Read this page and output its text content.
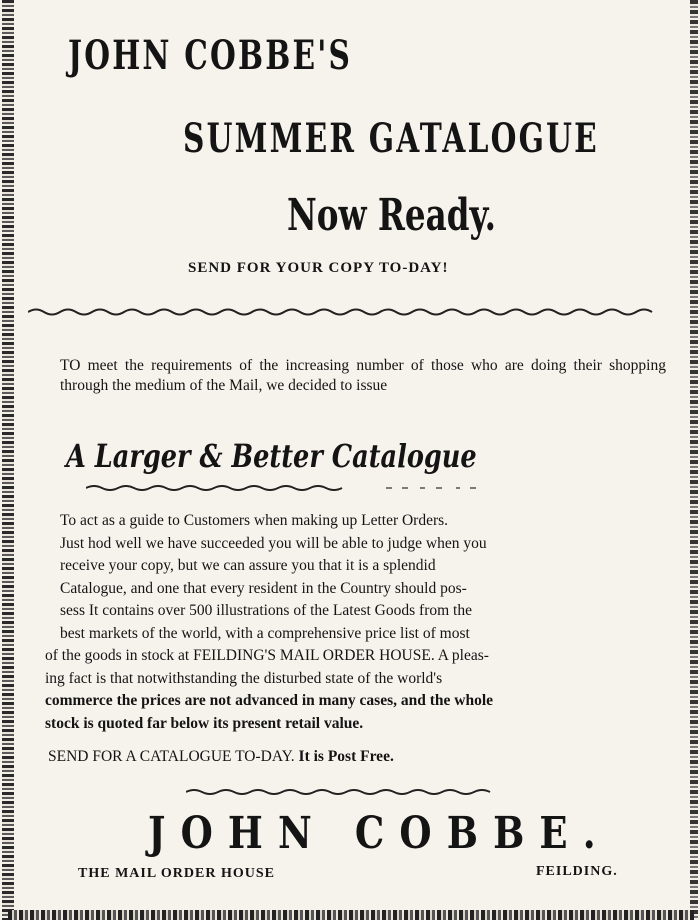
JOHN COBBE'S
SUMMER GATALOGUE
Now Ready.
SEND FOR YOUR COPY TO-DAY!
TO meet the requirements of the increasing number of those who are doing their shopping through the medium of the Mail, we decided to issue
A Larger & Better Catalogue

To act as a guide to Customers when making up Letter Orders.

Just hod well we have succeeded you will be able to judge when you

receive your copy, but we can assure you that it is a splendid

Catalogue, and one that every resident in the Country should pos-

sess It contains over 500 illustrations of the Latest Goods from the

best markets of the world, with a comprehensive price list of most

of the goods in stock at FEILDING'S MAIL ORDER HOUSE. A pleas-

ing fact is that notwithstanding the disturbed state of the world's

commerce the prices are not advanced in many cases, and the whole

stock is quoted far below its present retail value.

SEND FOR A CATALOGUE TO-DAY. It is Post Free.
JOHN COBBE.
THE MAIL ORDER HOUSE	FEILDING.
